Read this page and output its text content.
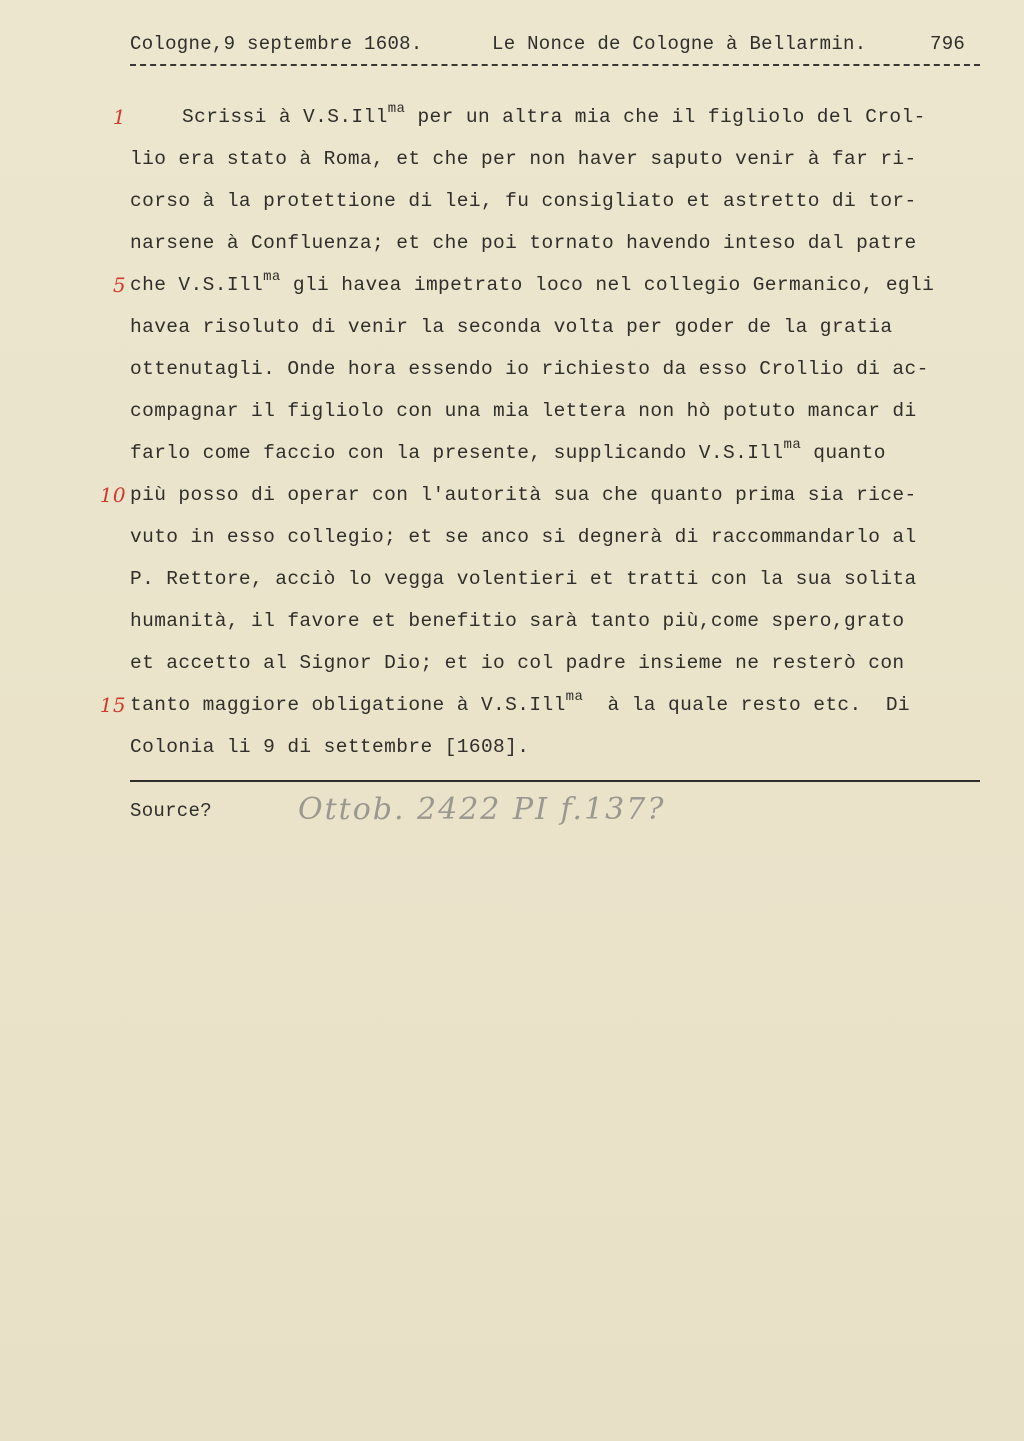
Cologne,9 septembre 1608.	Le Nonce de Cologne à Bellarmin.	796
1	Scrissi à V.S.Ill$^{ma}$ per un altra mia che il figliolo del Crol-
lio era stato à Roma, et che per non haver saputo venir à far ri-
corso à la protettione di lei, fu consigliato et astretto di tor-
narsene à Confluenza; et che poi tornato havendo inteso dal patre
5 che V.S.Ill$^{ma}$ gli havea impetrato loco nel collegio Germanico, egli
havea risoluto di venir la seconda volta per goder de la gratia
ottenutagli. Onde hora essendo io richiesto da esso Crollio di ac-
compagnar il figliolo con una mia lettera non hò potuto mancar di
farlo come faccio con la presente, supplicando V.S.Ill$^{ma}$ quanto
10 più posso di operar con l'autorità sua che quanto prima sia rice-
vuto in esso collegio; et se anco si degnerà di raccommandarlo al
P. Rettore, acciò lo vegga volentieri et tratti con la sua solita
humanità, il favore et benefitio sarà tanto più,come spero,grato
et accetto al Signor Dio; et io col padre insieme ne resterò con
15 tanto maggiore obligatione à V.S.Ill$^{ma}$  à la quale resto etc.  Di
Colonia li 9 di settembre [1608].
Source?	Ottob. 2422 PI f.137?
